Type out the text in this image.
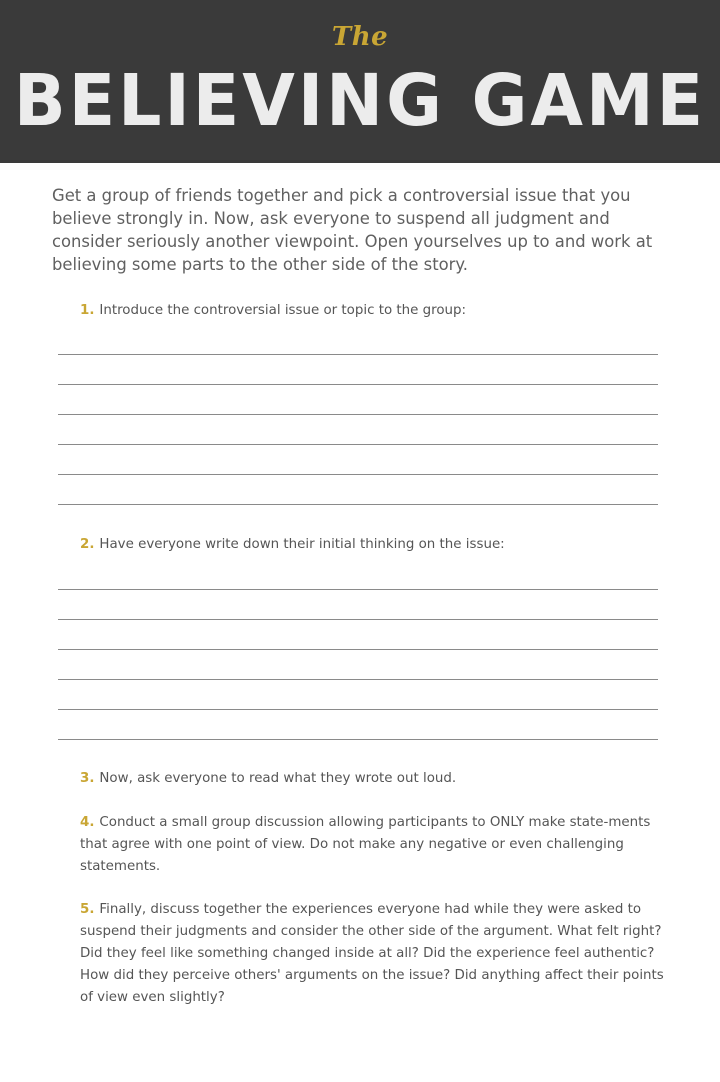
The
BELIEVING GAME

Get a group of friends together and pick a controversial issue that you believe strongly in. Now, ask everyone to suspend all judgment and consider seriously another viewpoint. Open yourselves up to and work at believing some parts to the other side of the story.

1. Introduce the controversial issue or topic to the group:

2. Have everyone write down their initial thinking on the issue:

3. Now, ask everyone to read what they wrote out loud.

4. Conduct a small group discussion allowing participants to ONLY make state-ments that agree with one point of view. Do not make any negative or even challenging statements.

5. Finally, discuss together the experiences everyone had while they were asked to suspend their judgments and consider the other side of the argument. What felt right? Did they feel like something changed inside at all? Did the experience feel authentic? How did they perceive others' arguments on the issue? Did anything affect their points of view even slightly?
